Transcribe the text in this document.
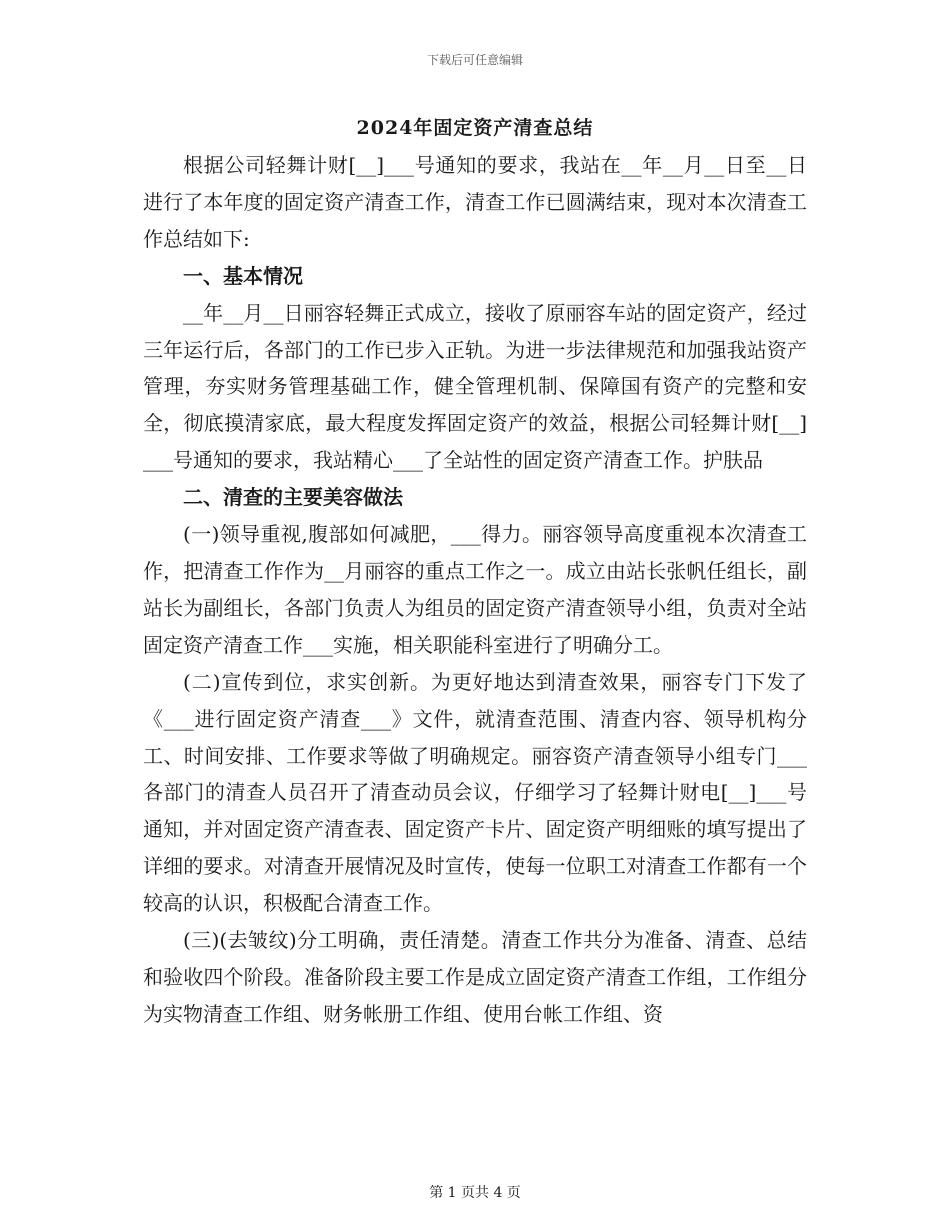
下载后可任意编辑
2024年固定资产清查总结

根据公司轻舞计财[__]___号通知的要求，我站在__年__月__日至__日进行了本年度的固定资产清查工作，清查工作已圆满结束，现对本次清查工作总结如下:

一、基本情况

__年__月__日丽容轻舞正式成立，接收了原丽容车站的固定资产，经过三年运行后，各部门的工作已步入正轨。为进一步法律规范和加强我站资产管理，夯实财务管理基础工作，健全管理机制、保障国有资产的完整和安全，彻底摸清家底，最大程度发挥固定资产的效益，根据公司轻舞计财[__]___号通知的要求，我站精心___了全站性的固定资产清查工作。护肤品

二、清查的主要美容做法

(一)领导重视,腹部如何减肥，___得力。丽容领导高度重视本次清查工作，把清查工作作为__月丽容的重点工作之一。成立由站长张帆任组长，副站长为副组长，各部门负责人为组员的固定资产清查领导小组，负责对全站固定资产清查工作___实施，相关职能科室进行了明确分工。

(二)宣传到位，求实创新。为更好地达到清查效果，丽容专门下发了《___进行固定资产清查___》文件，就清查范围、清查内容、领导机构分工、时间安排、工作要求等做了明确规定。丽容资产清查领导小组专门___各部门的清查人员召开了清查动员会议，仔细学习了轻舞计财电[__]___号通知，并对固定资产清查表、固定资产卡片、固定资产明细账的填写提出了详细的要求。对清查开展情况及时宣传，使每一位职工对清查工作都有一个较高的认识，积极配合清查工作。

(三)(去皱纹)分工明确，责任清楚。清查工作共分为准备、清查、总结和验收四个阶段。准备阶段主要工作是成立固定资产清查工作组，工作组分为实物清查工作组、财务帐册工作组、使用台帐工作组、资

第 1 页共 4 页
